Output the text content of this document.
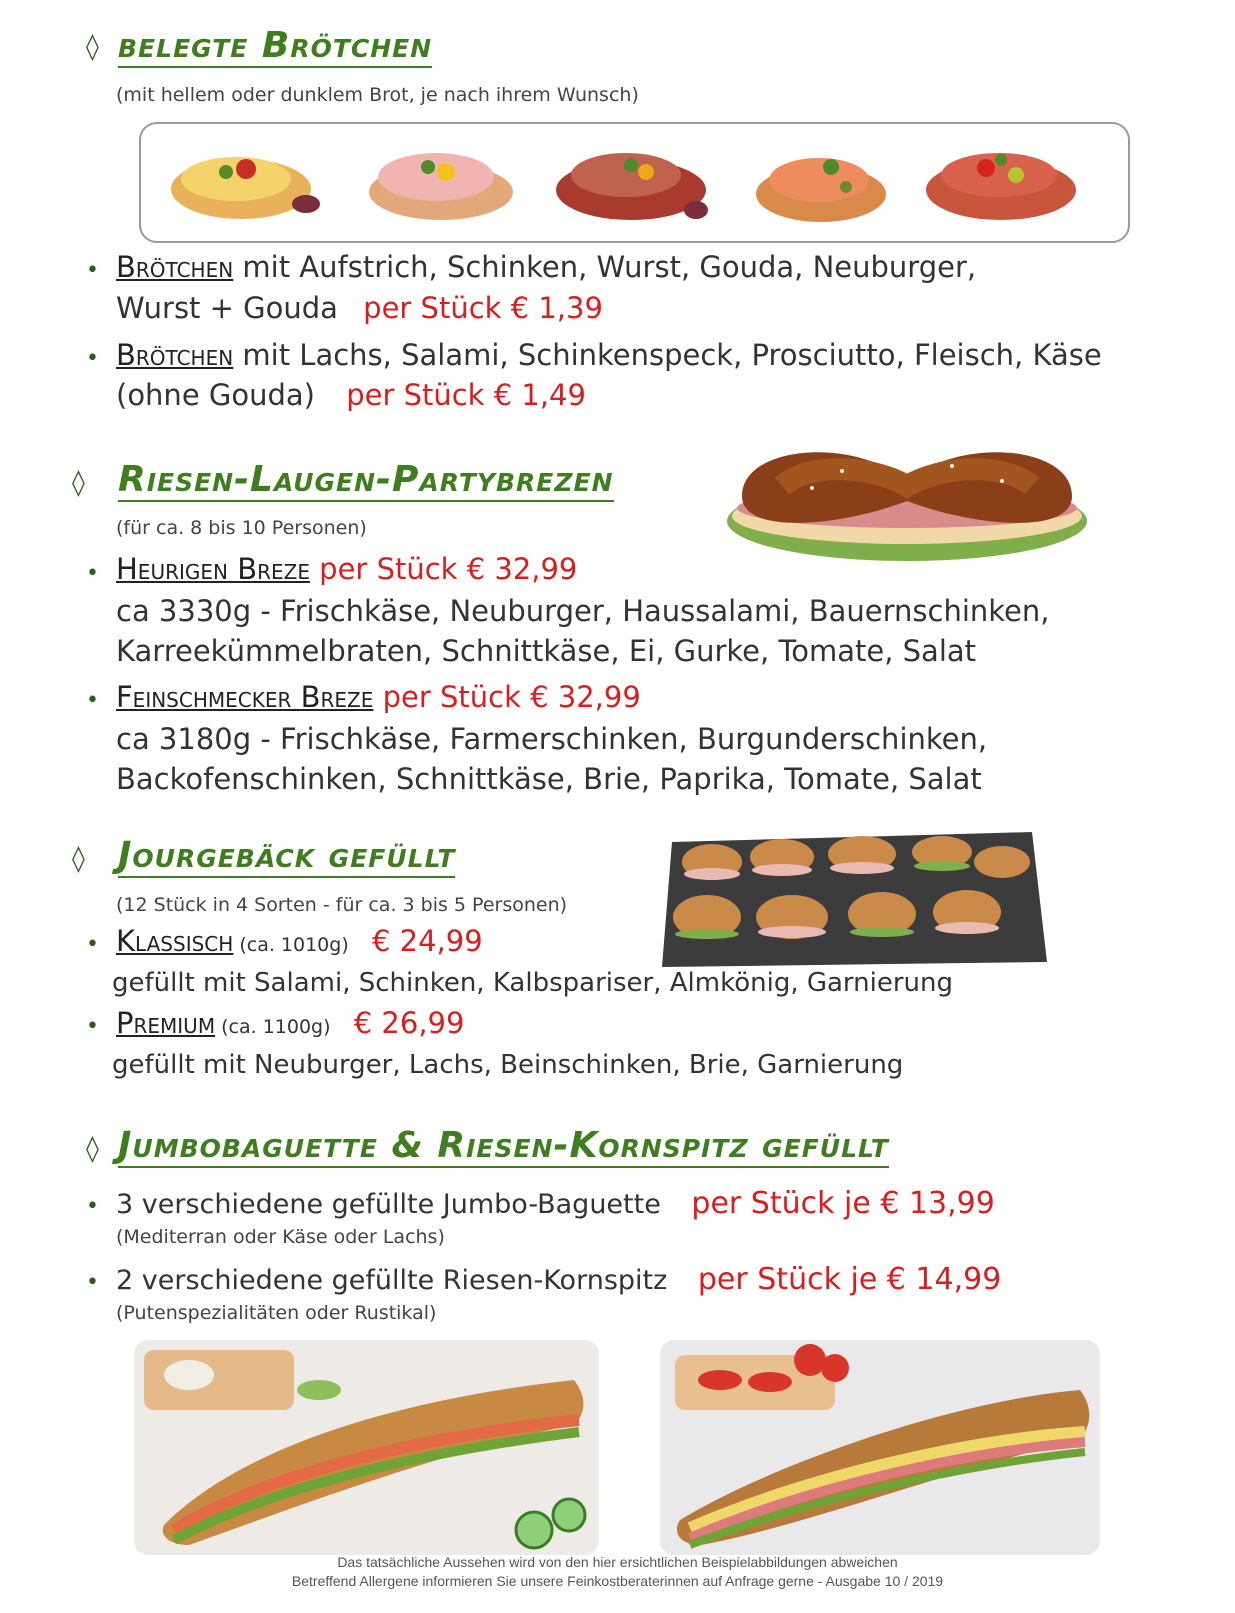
◊ belegte Brötchen
(mit hellem oder dunklem Brot, je nach ihrem Wunsch)
• Brötchen mit Aufstrich, Schinken, Wurst, Gouda, Neuburger,
Wurst + Gouda per Stück € 1,39
• Brötchen mit Lachs, Salami, Schinkenspeck, Prosciutto, Fleisch, Käse
(ohne Gouda) per Stück € 1,49
◊ Riesen-Laugen-Partybrezen
(für ca. 8 bis 10 Personen)
• Heurigen Breze per Stück € 32,99
ca 3330g - Frischkäse, Neuburger, Haussalami, Bauernschinken,
Karreekümmelbraten, Schnittkäse, Ei, Gurke, Tomate, Salat
• Feinschmecker Breze per Stück € 32,99
ca 3180g - Frischkäse, Farmerschinken, Burgunderschinken,
Backofenschinken, Schnittkäse, Brie, Paprika, Tomate, Salat
◊ Jourgebäck gefüllt
(12 Stück in 4 Sorten - für ca. 3 bis 5 Personen)
• Klassisch (ca. 1010g) € 24,99
gefüllt mit Salami, Schinken, Kalbspariser, Almkönig, Garnierung
• Premium (ca. 1100g) € 26,99
gefüllt mit Neuburger, Lachs, Beinschinken, Brie, Garnierung
◊ Jumbobaguette & Riesen-Kornspitz gefüllt
• 3 verschiedene gefüllte Jumbo-Baguette per Stück je € 13,99
(Mediterran oder Käse oder Lachs)
• 2 verschiedene gefüllte Riesen-Kornspitz per Stück je € 14,99
(Putenspezialitäten oder Rustikal)
Das tatsächliche Aussehen wird von den hier ersichtlichen Beispielabbildungen abweichen
Betreffend Allergene informieren Sie unsere Feinkostberaterinnen auf Anfrage gerne - Ausgabe 10 / 2019
